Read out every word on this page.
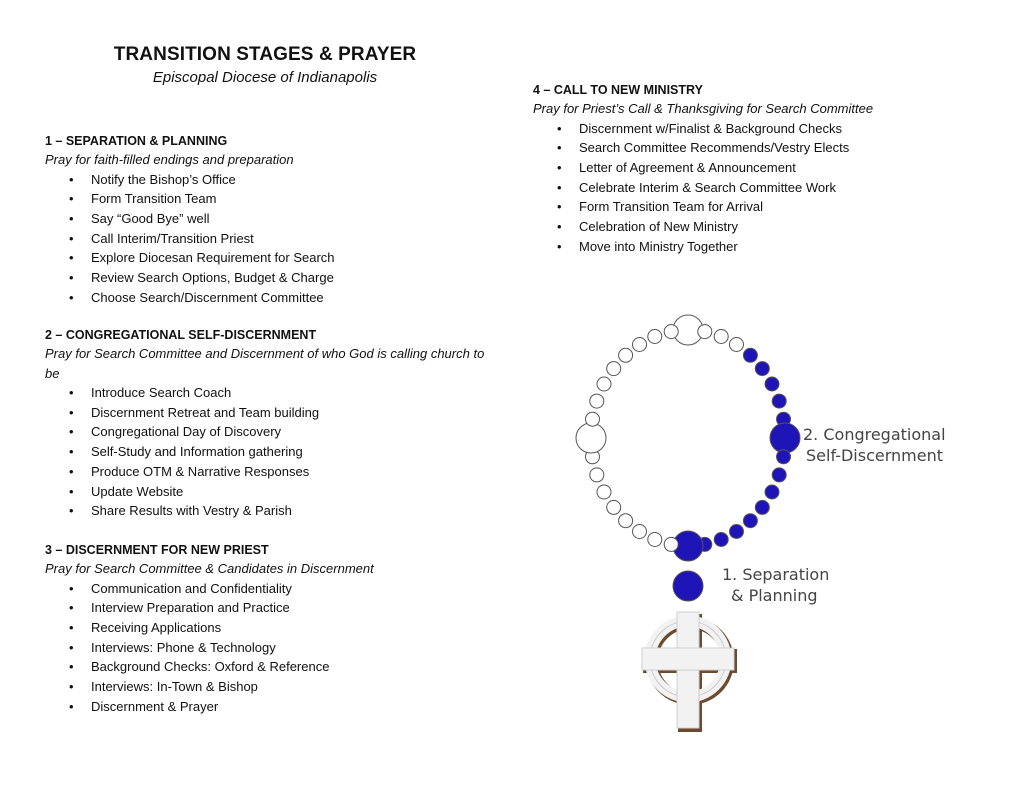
TRANSITION STAGES & PRAYER
Episcopal Diocese of Indianapolis

1 – SEPARATION & PLANNING

Pray for faith-filled endings and preparation

• Notify the Bishop’s Office
• Form Transition Team
• Say “Good Bye” well
• Call Interim/Transition Priest
• Explore Diocesan Requirement for Search
• Review Search Options, Budget & Charge
• Choose Search/Discernment Committee

2 – CONGREGATIONAL SELF-DISCERNMENT

Pray for Search Committee and Discernment of who God is calling church to be

• Introduce Search Coach
• Discernment Retreat and Team building
• Congregational Day of Discovery
• Self-Study and Information gathering
• Produce OTM & Narrative Responses
• Update Website
• Share Results with Vestry & Parish

3 – DISCERNMENT FOR NEW PRIEST

Pray for Search Committee & Candidates in Discernment

• Communication and Confidentiality
• Interview Preparation and Practice
• Receiving Applications
• Interviews: Phone & Technology
• Background Checks: Oxford & Reference
• Interviews: In-Town & Bishop
• Discernment & Prayer

4 – CALL TO NEW MINISTRY

Pray for Priest’s Call & Thanksgiving for Search Committee

• Discernment w/Finalist & Background Checks
• Search Committee Recommends/Vestry Elects
• Letter of Agreement & Announcement
• Celebrate Interim & Search Committee Work
• Form Transition Team for Arrival
• Celebration of New Ministry
• Move into Ministry Together
2. Congregational
Self-Discernment
1. Separation
& Planning
